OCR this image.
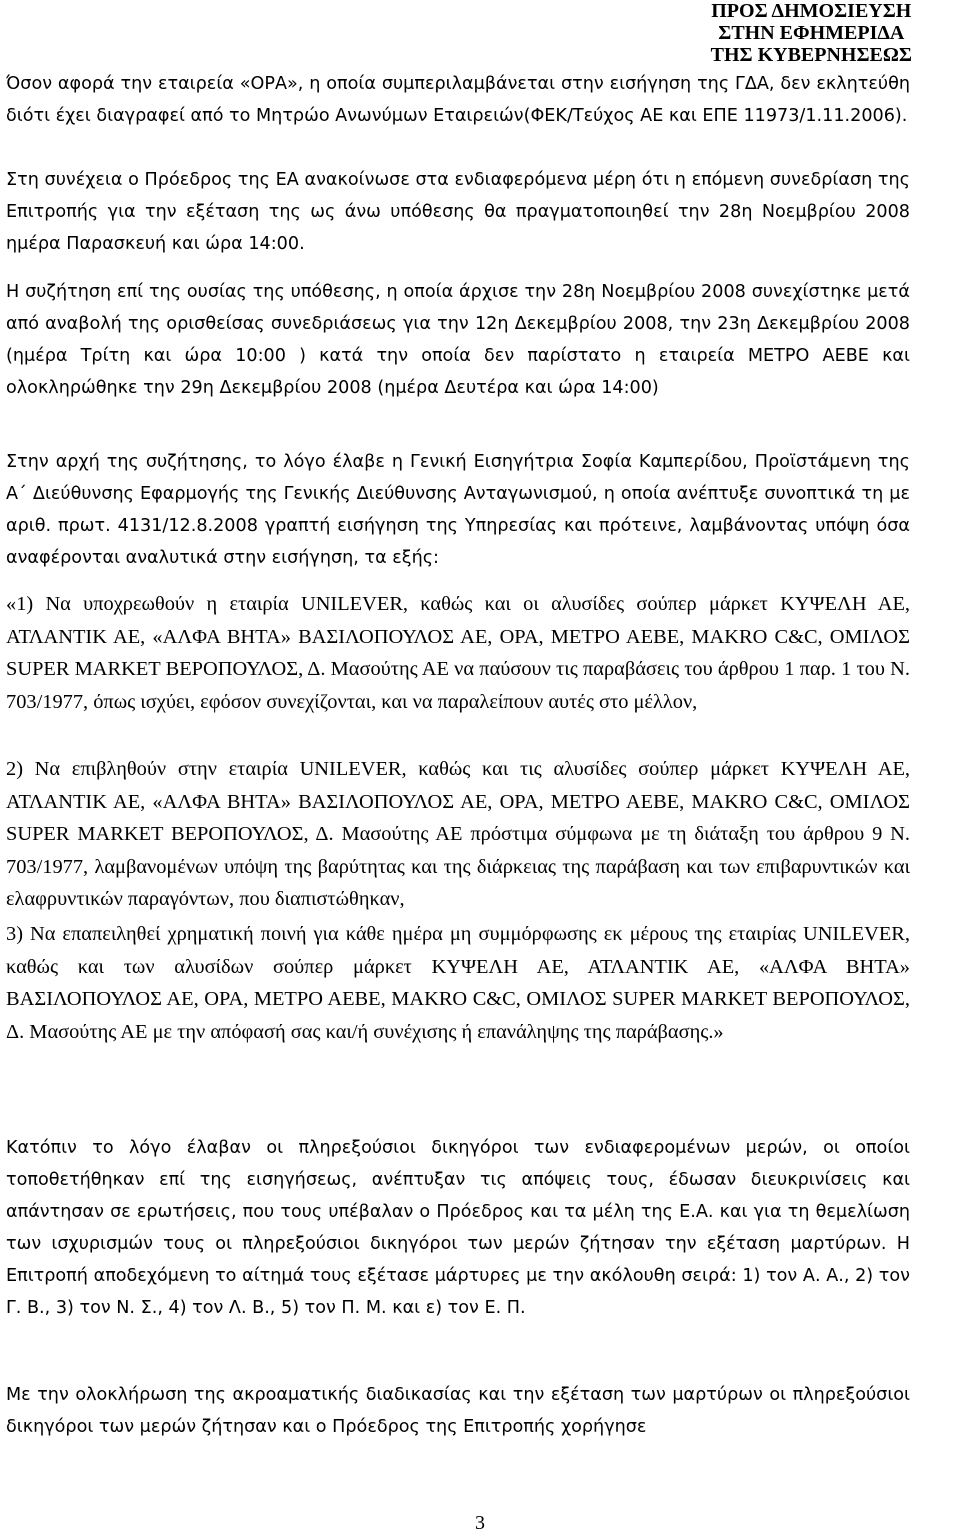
ΠΡΟΣ ΔΗΜΟΣΙΕΥΣΗ
ΣΤΗΝ ΕΦΗΜΕΡΙΔΑ
ΤΗΣ ΚΥΒΕΡΝΗΣΕΩΣ

Όσον αφορά την εταιρεία «ΟΡΑ», η οποία συμπεριλαμβάνεται στην εισήγηση της ΓΔΑ, δεν εκλητεύθη διότι έχει διαγραφεί από το Μητρώο Ανωνύμων Εταιρειών(ΦΕΚ/Τεύχος ΑΕ και ΕΠΕ 11973/1.11.2006).

Στη συνέχεια ο Πρόεδρος της ΕΑ ανακοίνωσε στα ενδιαφερόμενα μέρη ότι η επόμενη συνεδρίαση της Επιτροπής για την εξέταση της ως άνω υπόθεσης θα πραγματοποιηθεί την 28η Νοεμβρίου 2008 ημέρα Παρασκευή και ώρα 14:00.

Η συζήτηση επί της ουσίας της υπόθεσης, η οποία άρχισε την 28η Νοεμβρίου 2008 συνεχίστηκε μετά από αναβολή της ορισθείσας συνεδριάσεως για την 12η Δεκεμβρίου 2008, την 23η Δεκεμβρίου 2008 (ημέρα Τρίτη και ώρα 10:00 ) κατά την οποία δεν παρίστατο η εταιρεία ΜΕΤΡΟ ΑΕΒΕ και ολοκληρώθηκε την 29η Δεκεμβρίου 2008 (ημέρα Δευτέρα και ώρα 14:00)

Στην αρχή της συζήτησης, το λόγο έλαβε η Γενική Εισηγήτρια Σοφία Καμπερίδου, Προϊστάμενη της Α΄ Διεύθυνσης Εφαρμογής της Γενικής Διεύθυνσης Ανταγωνισμού, η οποία ανέπτυξε συνοπτικά τη με αριθ. πρωτ. 4131/12.8.2008 γραπτή εισήγηση της Υπηρεσίας και πρότεινε, λαμβάνοντας υπόψη όσα αναφέρονται αναλυτικά στην εισήγηση, τα εξής:

«1) Να υποχρεωθούν η εταιρία UNILEVER, καθώς και οι αλυσίδες σούπερ μάρκετ ΚΥΨΕΛΗ ΑΕ, ΑΤΛΑΝΤΙΚ ΑΕ, «ΑΛΦΑ ΒΗΤΑ» ΒΑΣΙΛΟΠΟΥΛΟΣ ΑΕ, ΟΡΑ, ΜΕΤΡΟ ΑΕΒΕ, MAKRO C&C, ΟΜΙΛΟΣ SUPER MARKET ΒΕΡΟΠΟΥΛΟΣ, Δ. Μασούτης ΑΕ να παύσουν τις παραβάσεις του άρθρου 1 παρ. 1 του Ν. 703/1977, όπως ισχύει, εφόσον συνεχίζονται, και να παραλείπουν αυτές στο μέλλον,

2) Να επιβληθούν στην εταιρία UNILEVER, καθώς και τις αλυσίδες σούπερ μάρκετ ΚΥΨΕΛΗ ΑΕ, ΑΤΛΑΝΤΙΚ ΑΕ, «ΑΛΦΑ ΒΗΤΑ» ΒΑΣΙΛΟΠΟΥΛΟΣ ΑΕ, ΟΡΑ, ΜΕΤΡΟ ΑΕΒΕ, MAKRO C&C, ΟΜΙΛΟΣ SUPER MARKET ΒΕΡΟΠΟΥΛΟΣ, Δ. Μασούτης ΑΕ πρόστιμα σύμφωνα με τη διάταξη του άρθρου 9 Ν. 703/1977, λαμβανομένων υπόψη της βαρύτητας και της διάρκειας της παράβαση και των επιβαρυντικών και ελαφρυντικών παραγόντων, που διαπιστώθηκαν,

3) Να επαπειληθεί χρηματική ποινή για κάθε ημέρα μη συμμόρφωσης εκ μέρους της εταιρίας UNILEVER, καθώς και των αλυσίδων σούπερ μάρκετ ΚΥΨΕΛΗ ΑΕ, ΑΤΛΑΝΤΙΚ ΑΕ, «ΑΛΦΑ ΒΗΤΑ» ΒΑΣΙΛΟΠΟΥΛΟΣ ΑΕ, ΟΡΑ, ΜΕΤΡΟ ΑΕΒΕ, MAKRO C&C, ΟΜΙΛΟΣ SUPER MARKET ΒΕΡΟΠΟΥΛΟΣ, Δ. Μασούτης ΑΕ με την απόφασή σας και/ή συνέχισης ή επανάληψης της παράβασης.»

Κατόπιν το λόγο έλαβαν οι πληρεξούσιοι δικηγόροι των ενδιαφερομένων μερών, οι οποίοι τοποθετήθηκαν επί της εισηγήσεως, ανέπτυξαν τις απόψεις τους, έδωσαν διευκρινίσεις και απάντησαν σε ερωτήσεις, που τους υπέβαλαν ο Πρόεδρος και τα μέλη της Ε.Α. και για τη θεμελίωση των ισχυρισμών τους οι πληρεξούσιοι δικηγόροι των μερών ζήτησαν την εξέταση μαρτύρων. Η Επιτροπή αποδεχόμενη το αίτημά τους εξέτασε μάρτυρες με την ακόλουθη σειρά: 1) τον Α. Α., 2) τον Γ. Β., 3) τον Ν. Σ., 4) τον Λ. Β., 5) τον Π. Μ. και ε) τον Ε. Π.

Με την ολοκλήρωση της ακροαματικής διαδικασίας και την εξέταση των μαρτύρων οι πληρεξούσιοι δικηγόροι των μερών ζήτησαν και ο Πρόεδρος της Επιτροπής χορήγησε

3
